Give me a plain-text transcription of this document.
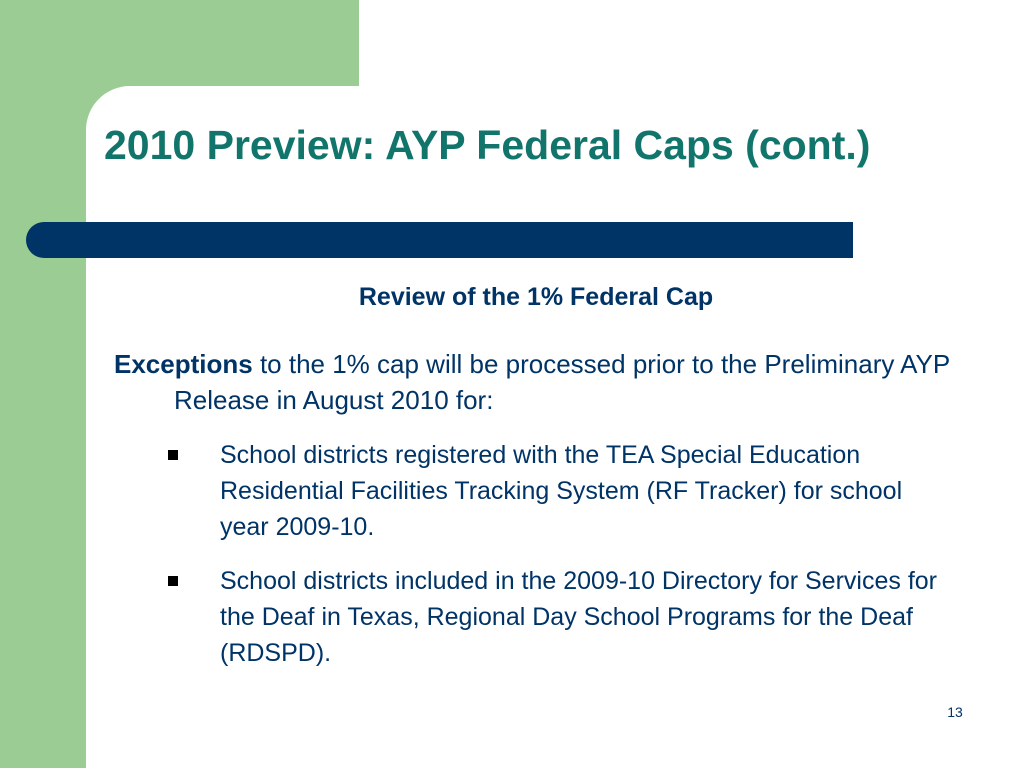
2010 Preview: AYP Federal Caps (cont.)
Review of the 1% Federal Cap

Exceptions to the 1% cap will be processed prior to the Preliminary AYP Release in August 2010 for:

School districts registered with the TEA Special Education Residential Facilities Tracking System (RF Tracker) for school year 2009-10.
School districts included in the 2009-10 Directory for Services for the Deaf in Texas, Regional Day School Programs for the Deaf (RDSPD).
13
